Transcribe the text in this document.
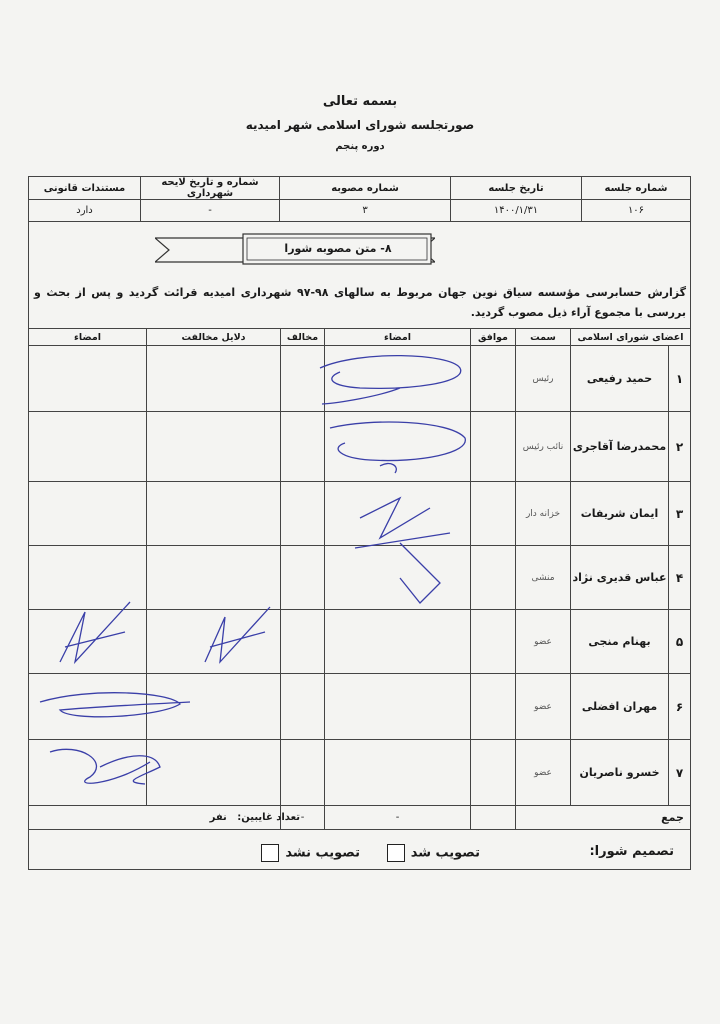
بسمه تعالی
صورتجلسه شورای اسلامی شهر امیدیه
دوره پنجم
شماره جلسه	تاریخ جلسه	شماره مصوبه	شماره و تاریخ لایحه شهرداری	مستندات قانونی
۱۰۶	۱۴۰۰/۱/۳۱	۳	-	دارد
۸- متن مصوبه شورا
گزارش حسابرسی مؤسسه سیاق نوین جهان مربوط به سالهای ۹۸-۹۷ شهرداری امیدیه قرائت گردید و پس از بحث و بررسی با مجموع آراء ذیل مصوب گردید.
اعضای شورای اسلامی		سمت	موافق	امضاء	مخالف	دلایل مخالفت	امضاء
۱	حمید رفیعی	رئیس					
۲	محمدرضا آقاجری	نائب رئیس					
۳	ایمان شریفات	خزانه دار					
۴	عباس قدیری نژاد	منشی					
۵	بهنام منجی	عضو					
۶	مهران افضلی	عضو					
۷	خسرو ناصریان	عضو					
جمع				-	-		
تعداد غایبین:   نفر
تصمیم شورا:
تصویب شد
تصویب نشد
